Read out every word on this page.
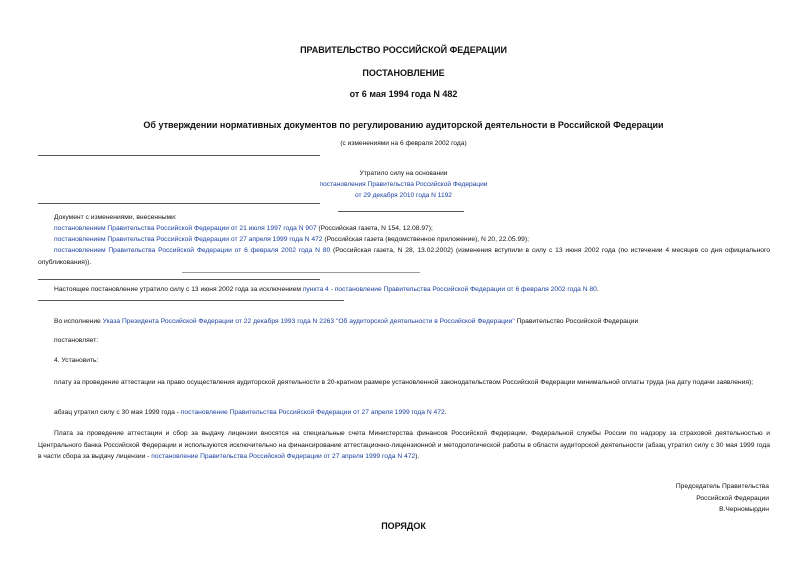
ПРАВИТЕЛЬСТВО РОССИЙСКОЙ ФЕДЕРАЦИИ
ПОСТАНОВЛЕНИЕ
от 6 мая 1994 года N 482
Об утверждении нормативных документов по регулированию аудиторской деятельности в Российской Федерации
(с изменениями на 6 февраля 2002 года)
Утратило силу на основании
постановления Правительства Российской Федерации
от 29 декабря 2010 года N 1192
Документ с изменениями, внесенными:
постановлением Правительства Российской Федерации от 21 июля 1997 года N 907 (Российская газета, N 154, 12.08.97);
постановлением Правительства Российской Федерации от 27 апреля 1999 года N 472 (Российская газета (ведомственное приложение), N 20, 22.05.99);
постановлением Правительства Российской Федерации от 6 февраля 2002 года N 80 (Российская газета, N 28, 13.02.2002) (изменения вступили в силу с 13 июня 2002 года (по истечении 4 месяцев со дня официального опубликования)).
Настоящее постановление утратило силу с 13 июня 2002 года за исключением пункта 4 - постановление Правительства Российской Федерации от 6 февраля 2002 года N 80.
Во исполнение Указа Президента Российской Федерации от 22 декабря 1993 года N 2263 "Об аудиторской деятельности в Российской Федерации" Правительство Российской Федерации
постановляет:
4. Установить:
плату за проведение аттестации на право осуществления аудиторской деятельности в 20-кратном размере установленной законодательством Российской Федерации минимальной оплаты труда (на дату подачи заявления);
абзац утратил силу с 30 мая 1999 года - постановление Правительства Российской Федерации от 27 апреля 1999 года N 472.
Плата за проведение аттестации и сбор за выдачу лицензии вносятся на специальные счета Министерства финансов Российской Федерации, Федеральной службы России по надзору за страховой деятельностью и Центрального банка Российской Федерации и используются исключительно на финансирование аттестационно-лицензионной и методологической работы в области аудиторской деятельности (абзац утратил силу с 30 мая 1999 года в части сбора за выдачу лицензии - постановление Правительства Российской Федерации от 27 апреля 1999 года N 472).
Председатель Правительства
Российской Федерации
В.Черномырдин
ПОРЯДОК
